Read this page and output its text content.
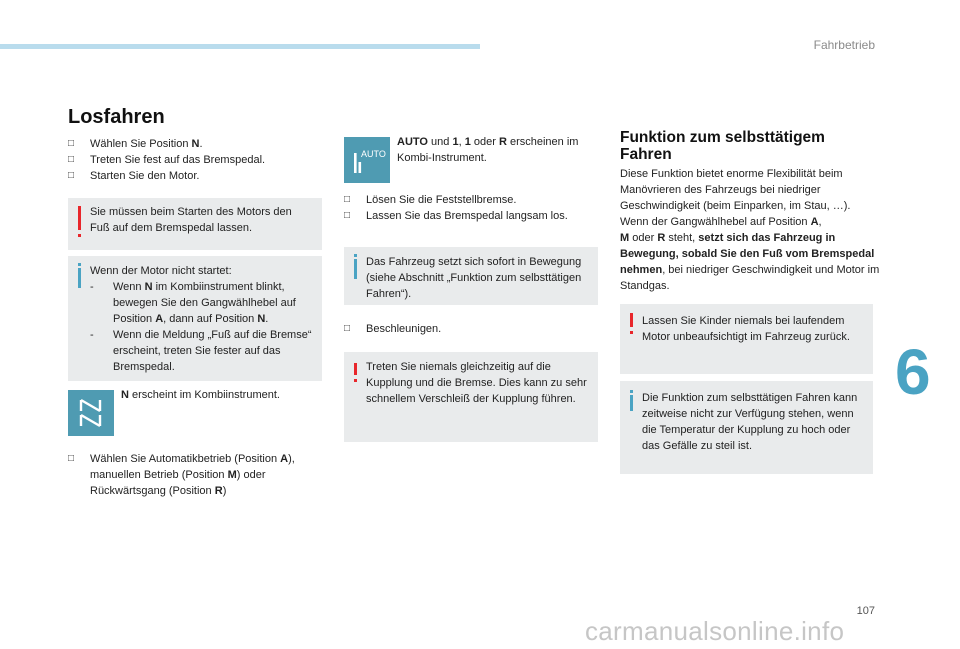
Fahrbetrieb
6
107
carmanualsonline.info
Losfahren
□ Wählen Sie Position N.
□ Treten Sie fest auf das Bremspedal.
□ Starten Sie den Motor.
Sie müssen beim Starten des Motors den Fuß auf dem Bremspedal lassen.
Wenn der Motor nicht startet:
- Wenn N im Kombiinstrument blinkt, bewegen Sie den Gangwählhebel auf Position A, dann auf Position N.
- Wenn die Meldung „Fuß auf die Bremse“ erscheint, treten Sie fester auf das Bremspedal.
N erscheint im Kombiinstrument.
□ Wählen Sie Automatikbetrieb (Position A), manuellen Betrieb (Position M) oder Rückwärtsgang (Position R)
AUTO
AUTO und 1, 1 oder R erscheinen im Kombi-Instrument.
□ Lösen Sie die Feststellbremse.
□ Lassen Sie das Bremspedal langsam los.
Das Fahrzeug setzt sich sofort in Bewegung (siehe Abschnitt „Funktion zum selbsttätigen Fahren“).
□ Beschleunigen.
Treten Sie niemals gleichzeitig auf die Kupplung und die Bremse. Dies kann zu sehr schnellem Verschleiß der Kupplung führen.
Funktion zum selbsttätigem Fahren
Diese Funktion bietet enorme Flexibilität beim Manövrieren des Fahrzeugs bei niedriger Geschwindigkeit (beim Einparken, im Stau, …). Wenn der Gangwählhebel auf Position A,
M oder R steht, setzt sich das Fahrzeug in Bewegung, sobald Sie den Fuß vom Bremspedal nehmen, bei niedriger Geschwindigkeit und Motor im Standgas.
Lassen Sie Kinder niemals bei laufendem Motor unbeaufsichtigt im Fahrzeug zurück.
Die Funktion zum selbsttätigen Fahren kann zeitweise nicht zur Verfügung stehen, wenn die Temperatur der Kupplung zu hoch oder das Gefälle zu steil ist.
